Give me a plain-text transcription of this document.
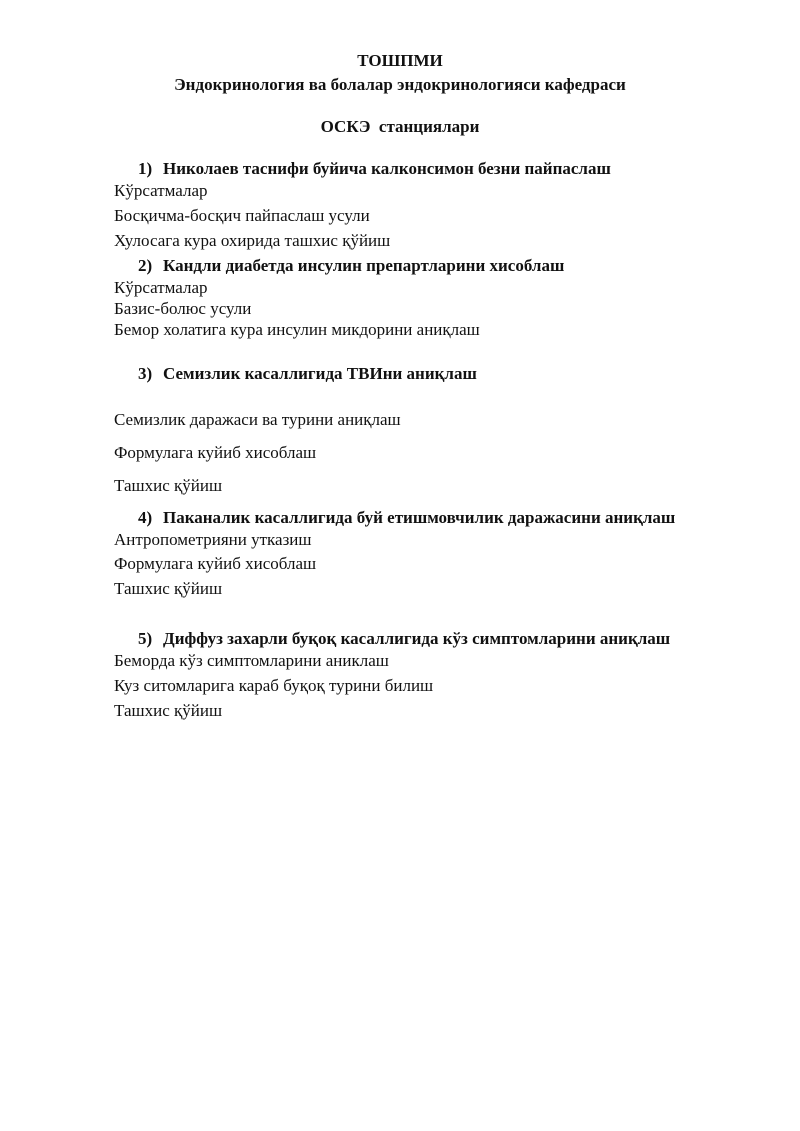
ТОШПМИ
Эндокринология ва болалар эндокринологияси кафедраси
ОСКЭ  станциялари
1) Николаев таснифи буйича калконсимон безни пайпаслаш
Кўрсатмалар
Босқичма-босқич пайпаслаш усули
Хулосага кура охирида ташхис қўйиш
2) Кандли диабетда инсулин препартларини хисоблаш
Кўрсатмалар
Базис-болюс усули
Бемор холатига кура инсулин микдорини аниқлаш
3) Семизлик касаллигида ТВИни аниқлаш
Семизлик даражаси ва турини аниқлаш
Формулага куйиб хисоблаш
Ташхис қўйиш
4) Паканалик касаллигида буй етишмовчилик даражасини аниқлаш
Антропометрияни утказиш
Формулага куйиб хисоблаш
Ташхис қўйиш
5) Диффуз захарли буқоқ касаллигида кўз симптомларини аниқлаш
Беморда кўз симптомларини аниклаш
Куз ситомларига караб буқоқ турини билиш
Ташхис қўйиш
